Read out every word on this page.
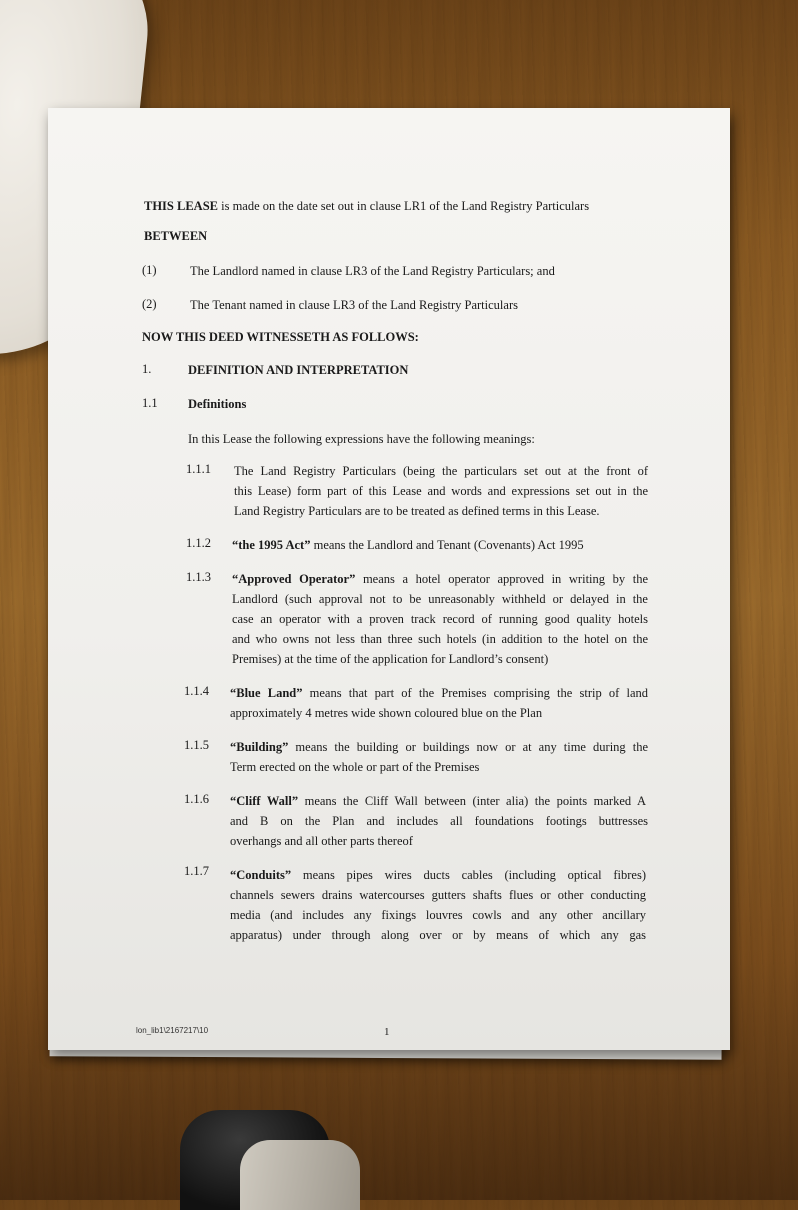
THIS LEASE is made on the date set out in clause LR1 of the Land Registry Particulars
BETWEEN
(1)	The Landlord named in clause LR3 of the Land Registry Particulars; and
(2)	The Tenant named in clause LR3 of the Land Registry Particulars
NOW THIS DEED WITNESSETH AS FOLLOWS:
1.	DEFINITION AND INTERPRETATION
1.1 Definitions
In this Lease the following expressions have the following meanings:
1.1.1 The Land Registry Particulars (being the particulars set out at the front of
this Lease) form part of this Lease and words and expressions set out in the
Land Registry Particulars are to be treated as defined terms in this Lease.
1.1.2 “the 1995 Act” means the Landlord and Tenant (Covenants) Act 1995
1.1.3 “Approved Operator” means a hotel operator approved in writing by the
Landlord (such approval not to be unreasonably withheld or delayed in the
case an operator with a proven track record of running good quality hotels
and who owns not less than three such hotels (in addition to the hotel on the
Premises) at the time of the application for Landlord’s consent)
1.1.4 “Blue Land” means that part of the Premises comprising the strip of land
approximately 4 metres wide shown coloured blue on the Plan
1.1.5 “Building” means the building or buildings now or at any time during the
Term erected on the whole or part of the Premises
1.1.6 “Cliff Wall” means the Cliff Wall between (inter alia) the points marked A
and B on the Plan and includes all foundations footings buttresses
overhangs and all other parts thereof
1.1.7 “Conduits” means pipes wires ducts cables (including optical fibres)
channels sewers drains watercourses gutters shafts flues or other conducting
media (and includes any fixings louvres cowls and any other ancillary
apparatus) under through along over or by means of which any gas
lon_lib1\2167217\10	1
